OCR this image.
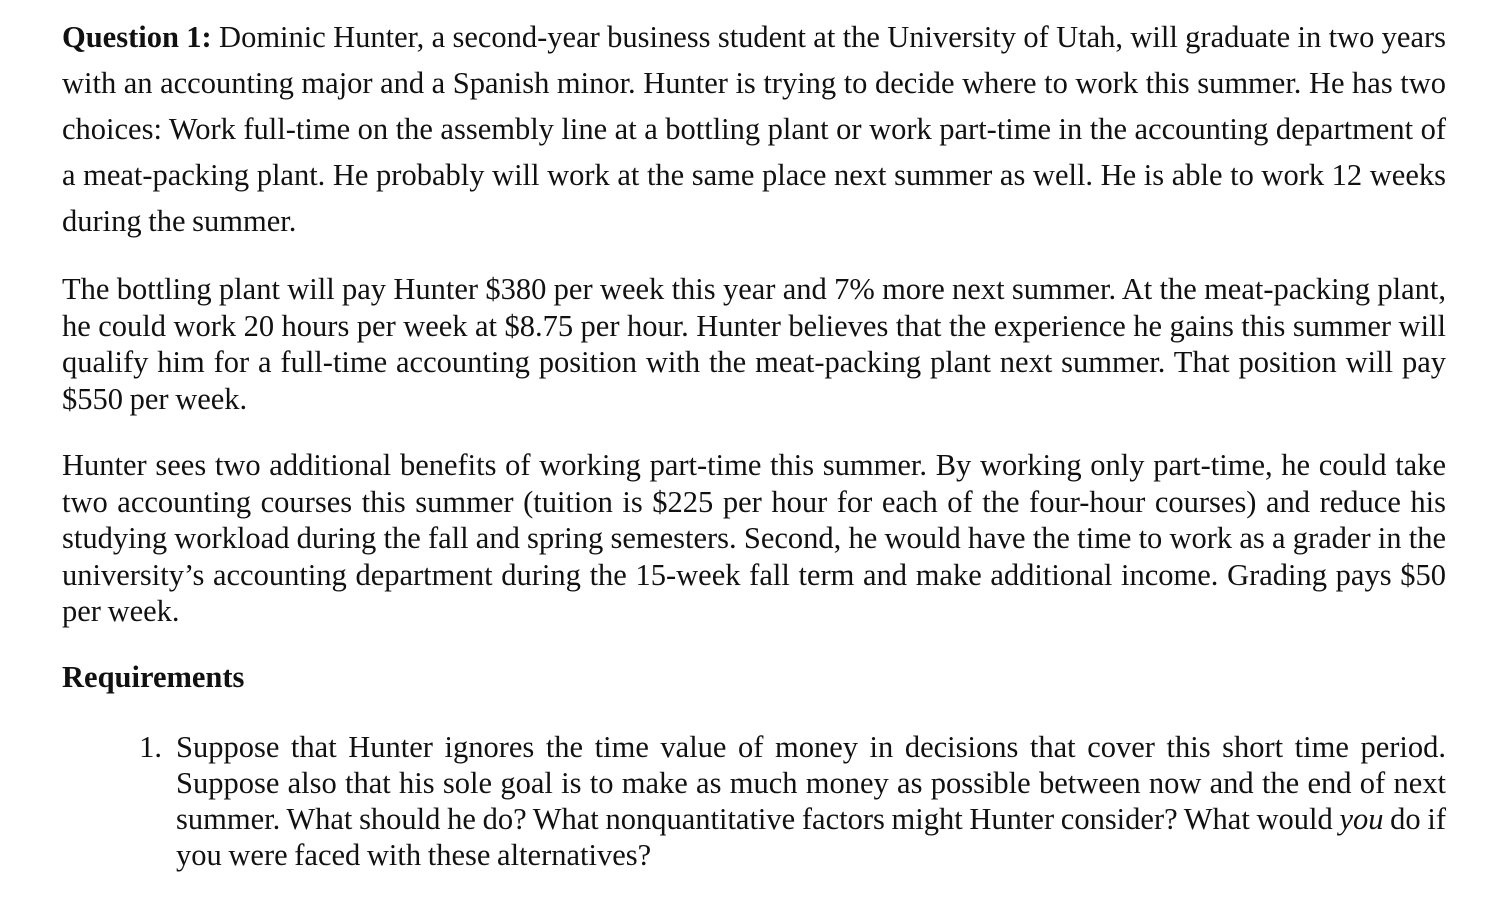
Question 1: Dominic Hunter, a second-year business student at the University of Utah, will graduate in two years with an accounting major and a Spanish minor. Hunter is trying to decide where to work this summer. He has two choices: Work full-time on the assembly line at a bottling plant or work part-time in the accounting department of a meat-packing plant. He probably will work at the same place next summer as well. He is able to work 12 weeks during the summer.

The bottling plant will pay Hunter $380 per week this year and 7% more next summer. At the meat-packing plant, he could work 20 hours per week at $8.75 per hour. Hunter believes that the experience he gains this summer will qualify him for a full-time accounting position with the meat-packing plant next summer. That position will pay $550 per week.

Hunter sees two additional benefits of working part-time this summer. By working only part-time, he could take two accounting courses this summer (tuition is $225 per hour for each of the four-hour courses) and reduce his studying workload during the fall and spring semesters. Second, he would have the time to work as a grader in the university’s accounting department during the 15-week fall term and make additional income. Grading pays $50 per week.

Requirements
1. Suppose that Hunter ignores the time value of money in decisions that cover this short time period. Suppose also that his sole goal is to make as much money as possible between now and the end of next summer. What should he do? What nonquantitative factors might Hunter consider? What would you do if you were faced with these alternatives?
